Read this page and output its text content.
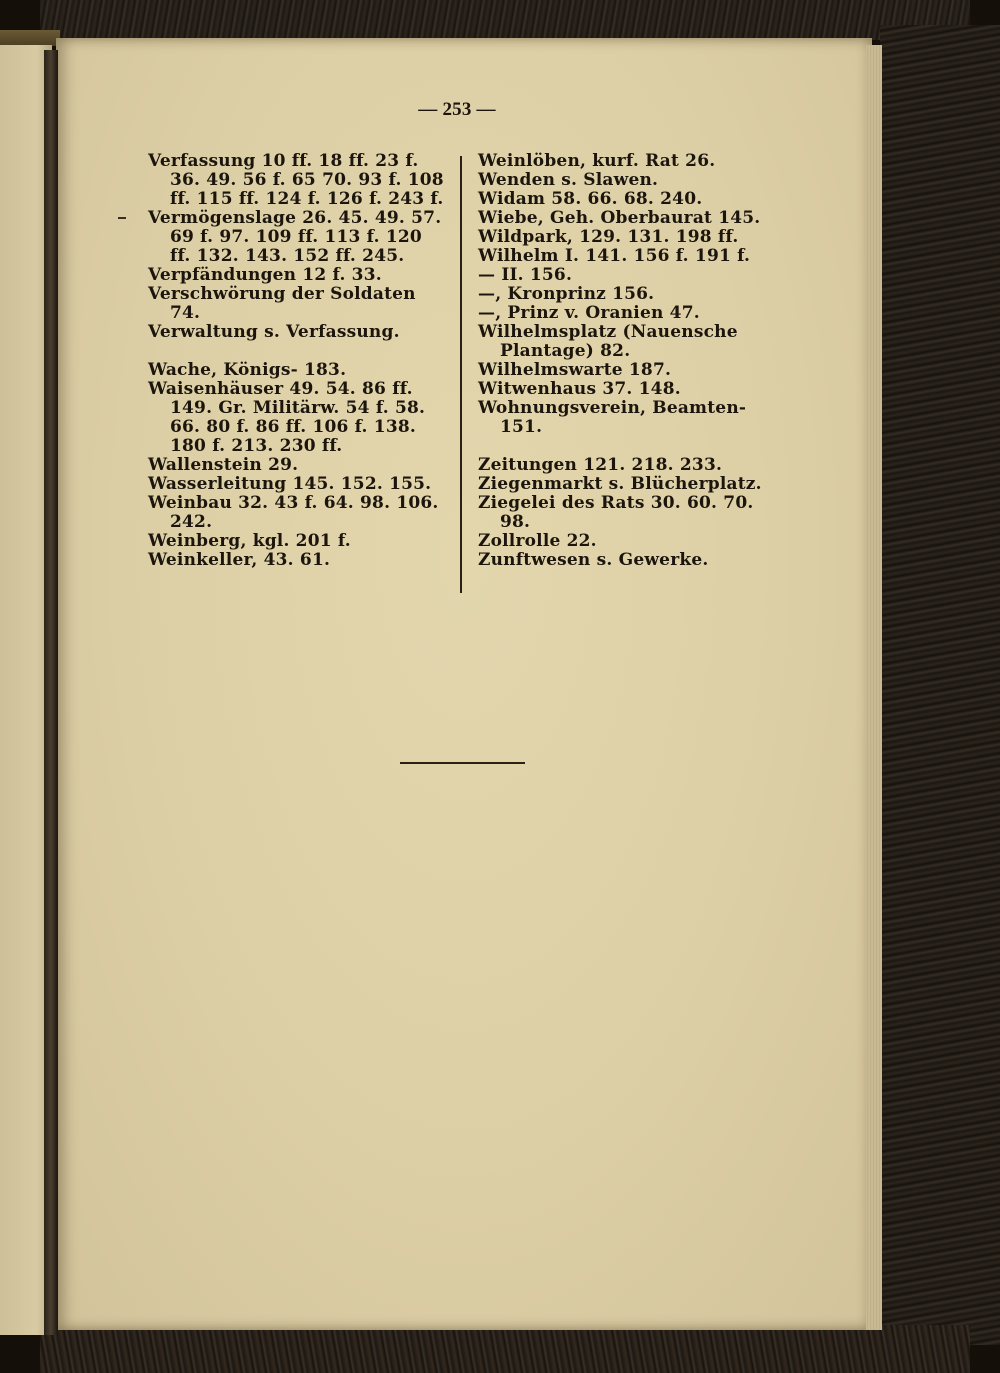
— 253 —

Verfassung 10 ff. 18 ff. 23 f. 36. 49. 56 f. 65 70. 93 f. 108 ff. 115 ff. 124 f. 126 f. 243 f.

Vermögenslage 26. 45. 49. 57. 69 f. 97. 109 ff. 113 f. 120 ff. 132. 143. 152 ff. 245.

Verpfändungen 12 f. 33.

Verschwörung der Soldaten 74.

Verwaltung s. Verfassung.

Wache, Königs- 183.

Waisenhäuser 49. 54. 86 ff. 149. Gr. Militärw. 54 f. 58. 66. 80 f. 86 ff. 106 f. 138. 180 f. 213. 230 ff.

Wallenstein 29.

Wasserleitung 145. 152. 155.

Weinbau 32. 43 f. 64. 98. 106. 242.

Weinberg, kgl. 201 f.

Weinkeller, 43. 61.

Weinlöben, kurf. Rat 26.

Wenden s. Slawen.

Widam 58. 66. 68. 240.

Wiebe, Geh. Oberbaurat 145.

Wildpark, 129. 131. 198 ff.

Wilhelm I. 141. 156 f. 191 f.

— II. 156.

—, Kronprinz 156.

—, Prinz v. Oranien 47.

Wilhelmsplatz (Nauensche Plantage) 82.

Wilhelmswarte 187.

Witwenhaus 37. 148.

Wohnungsverein, Beamten- 151.

Zeitungen 121. 218. 233.

Ziegenmarkt s. Blücherplatz.

Ziegelei des Rats 30. 60. 70. 98.

Zollrolle 22.

Zunftwesen s. Gewerke.
